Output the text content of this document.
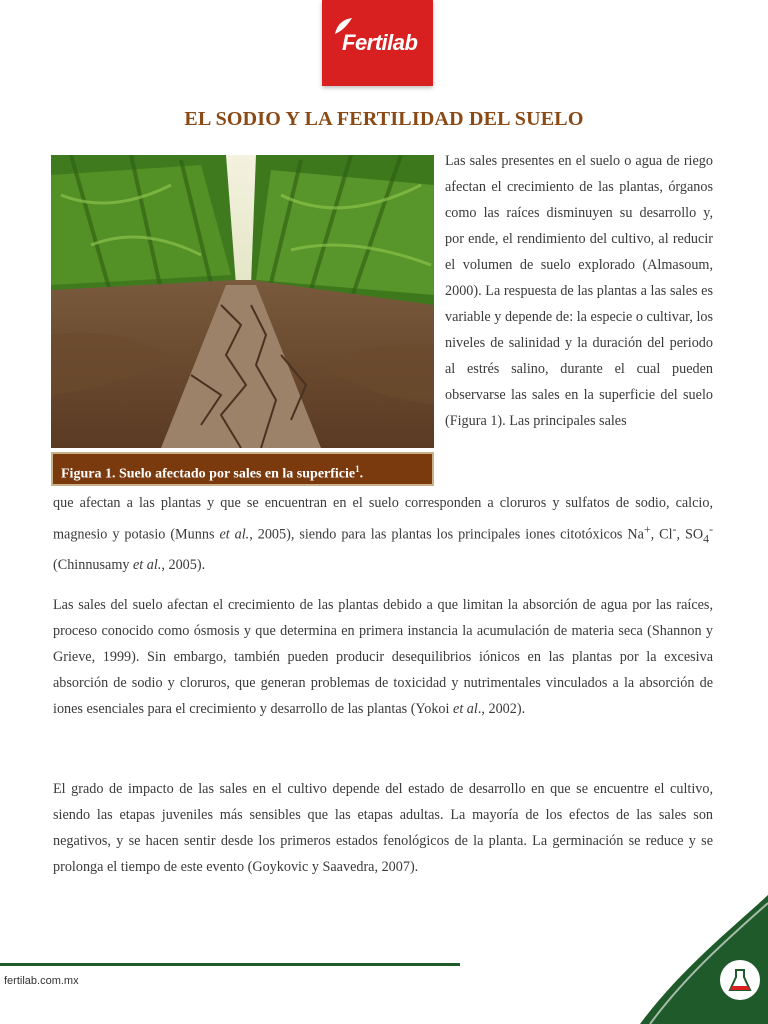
Fertilab
EL SODIO Y LA FERTILIDAD DEL SUELO
Figura 1. Suelo afectado por sales en la superficie$^1$.

Las sales presentes en el suelo o agua de riego afectan el crecimiento de las plantas, órganos como las raíces disminuyen su desarrollo y, por ende, el rendimiento del cultivo, al reducir el volumen de suelo explorado (Almasoum, 2000). La respuesta de las plantas a las sales es variable y depende de: la especie o cultivar, los niveles de salinidad y la duración del periodo al estrés salino, durante el cual pueden observarse las sales en la superficie del suelo (Figura 1). Las principales sales

que afectan a las plantas y que se encuentran en el suelo corresponden a cloruros y sulfatos de sodio, calcio, magnesio y potasio (Munns et al., 2005), siendo para las plantas los principales iones citotóxicos Na+, Cl-, $SO_4^-$ (Chinnusamy et al., 2005).

Las sales del suelo afectan el crecimiento de las plantas debido a que limitan la absorción de agua por las raíces, proceso conocido como ósmosis y que determina en primera instancia la acumulación de materia seca (Shannon y Grieve, 1999). Sin embargo, también pueden producir desequilibrios iónicos en las plantas por la excesiva absorción de sodio y cloruros, que generan problemas de toxicidad y nutrimentales vinculados a la absorción de iones esenciales para el crecimiento y desarrollo de las plantas (Yokoi et al., 2002).

El grado de impacto de las sales en el cultivo depende del estado de desarrollo en que se encuentre el cultivo, siendo las etapas juveniles más sensibles que las etapas adultas. La mayoría de los efectos de las sales son negativos, y se hacen sentir desde los primeros estados fenológicos de la planta. La germinación se reduce y se prolonga el tiempo de este evento (Goykovic y Saavedra, 2007).

fertilab.com.mx
